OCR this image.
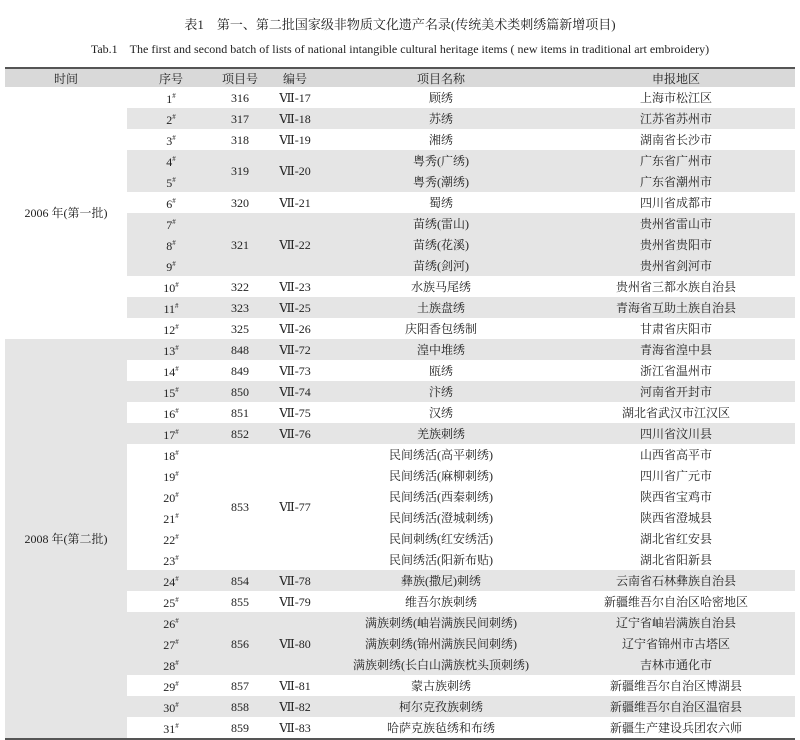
表1　第一、第二批国家级非物质文化遗产名录(传统美术类刺绣篇新增项目)
Tab.1　The first and second batch of lists of national intangible cultural heritage items ( new items in traditional art embroidery)
时间	序号	项目号	编号	项目名称	申报地区
2006 年(第一批)	1#	316	Ⅶ-17	顾绣	上海市松江区
	2#	317	Ⅶ-18	苏绣	江苏省苏州市
	3#	318	Ⅶ-19	湘绣	湖南省长沙市
	4#	319	Ⅶ-20	粤秀(广绣)	广东省广州市
	5#			粤秀(潮绣)	广东省潮州市
	6#	320	Ⅶ-21	蜀绣	四川省成都市
	7#	321	Ⅶ-22	苗绣(雷山)	贵州省雷山市
	8#			苗绣(花溪)	贵州省贵阳市
	9#			苗绣(剑河)	贵州省剑河市
	10#	322	Ⅶ-23	水族马尾绣	贵州省三都水族自治县
	11#	323	Ⅶ-25	土族盘绣	青海省互助土族自治县
	12#	325	Ⅶ-26	庆阳香包绣制	甘肃省庆阳市
2008 年(第二批)	13#	848	Ⅶ-72	湟中堆绣	青海省湟中县
	14#	849	Ⅶ-73	瓯绣	浙江省温州市
	15#	850	Ⅶ-74	汴绣	河南省开封市
	16#	851	Ⅶ-75	汉绣	湖北省武汉市江汉区
	17#	852	Ⅶ-76	羌族刺绣	四川省汶川县
	18#	853	Ⅶ-77	民间绣活(高平刺绣)	山西省高平市
	19#			民间绣活(麻柳刺绣)	四川省广元市
	20#			民间绣活(西秦刺绣)	陕西省宝鸡市
	21#			民间绣活(澄城刺绣)	陕西省澄城县
	22#			民间刺绣(红安绣活)	湖北省红安县
	23#			民间绣活(阳新布贴)	湖北省阳新县
	24#	854	Ⅶ-78	彝族(撒尼)刺绣	云南省石林彝族自治县
	25#	855	Ⅶ-79	维吾尔族刺绣	新疆维吾尔自治区哈密地区
	26#	856	Ⅶ-80	满族刺绣(岫岩满族民间刺绣)	辽宁省岫岩满族自治县
	27#			满族刺绣(锦州满族民间刺绣)	辽宁省锦州市古塔区
	28#			满族刺绣(长白山满族枕头顶刺绣)	吉林市通化市
	29#	857	Ⅶ-81	蒙古族刺绣	新疆维吾尔自治区博湖县
	30#	858	Ⅶ-82	柯尔克孜族刺绣	新疆维吾尔自治区温宿县
	31#	859	Ⅶ-83	哈萨克族毡绣和布绣	新疆生产建设兵团农六师
